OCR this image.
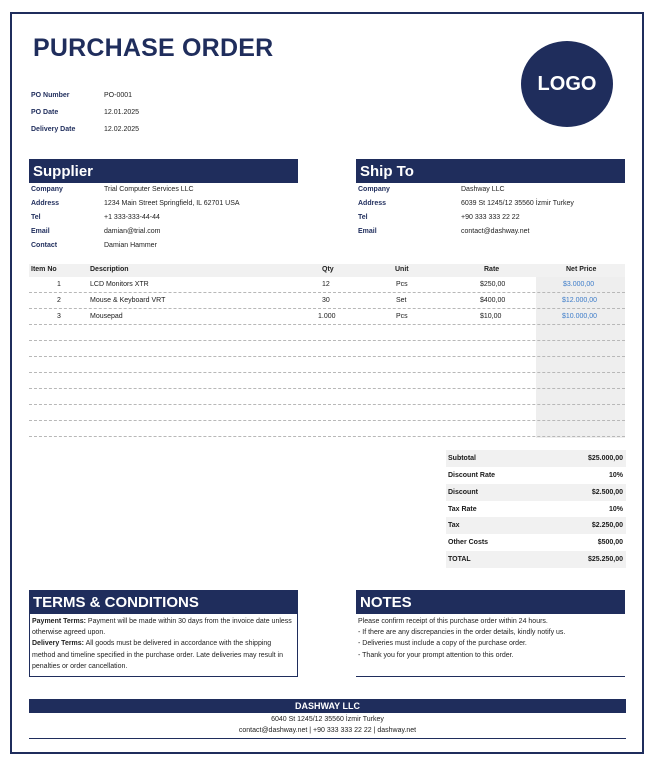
PURCHASE ORDER
LOGO
PO Number	PO-0001
PO Date	12.01.2025
Delivery Date	12.02.2025
Supplier
Company	Trial Computer Services LLC
Address	1234 Main Street Springfield, IL 62701 USA
Tel	+1 333-333-44-44
Email	damian@trial.com
Contact	Damian Hammer
Ship To
Company	Dashway LLC
Address	6039 St 1245/12 35560 İzmir Turkey
Tel	+90 333 333 22 22
Email	contact@dashway.net
Item No	Description	Qty	Unit	Rate	Net Price
1	LCD Monitors XTR	12	Pcs	$250,00	$3.000,00
2	Mouse & Keyboard VRT	30	Set	$400,00	$12.000,00
3	Mousepad	1.000	Pcs	$10,00	$10.000,00
Subtotal	$25.000,00
Discount Rate	10%
Discount	$2.500,00
Tax Rate	10%
Tax	$2.250,00
Other Costs	$500,00
TOTAL	$25.250,00
TERMS & CONDITIONS
Payment Terms: Payment will be made within 30 days from the invoice date unless otherwise agreed upon.
Delivery Terms: All goods must be delivered in accordance with the shipping method and timeline specified in the purchase order. Late deliveries may result in penalties or order cancellation.
NOTES
Please confirm receipt of this purchase order within 24 hours.
- If there are any discrepancies in the order details, kindly notify us.
- Deliveries must include a copy of the purchase order.
- Thank you for your prompt attention to this order.
DASHWAY LLC
6040 St 1245/12 35560 İzmir Turkey
contact@dashway.net | +90 333 333 22 22 | dashway.net
